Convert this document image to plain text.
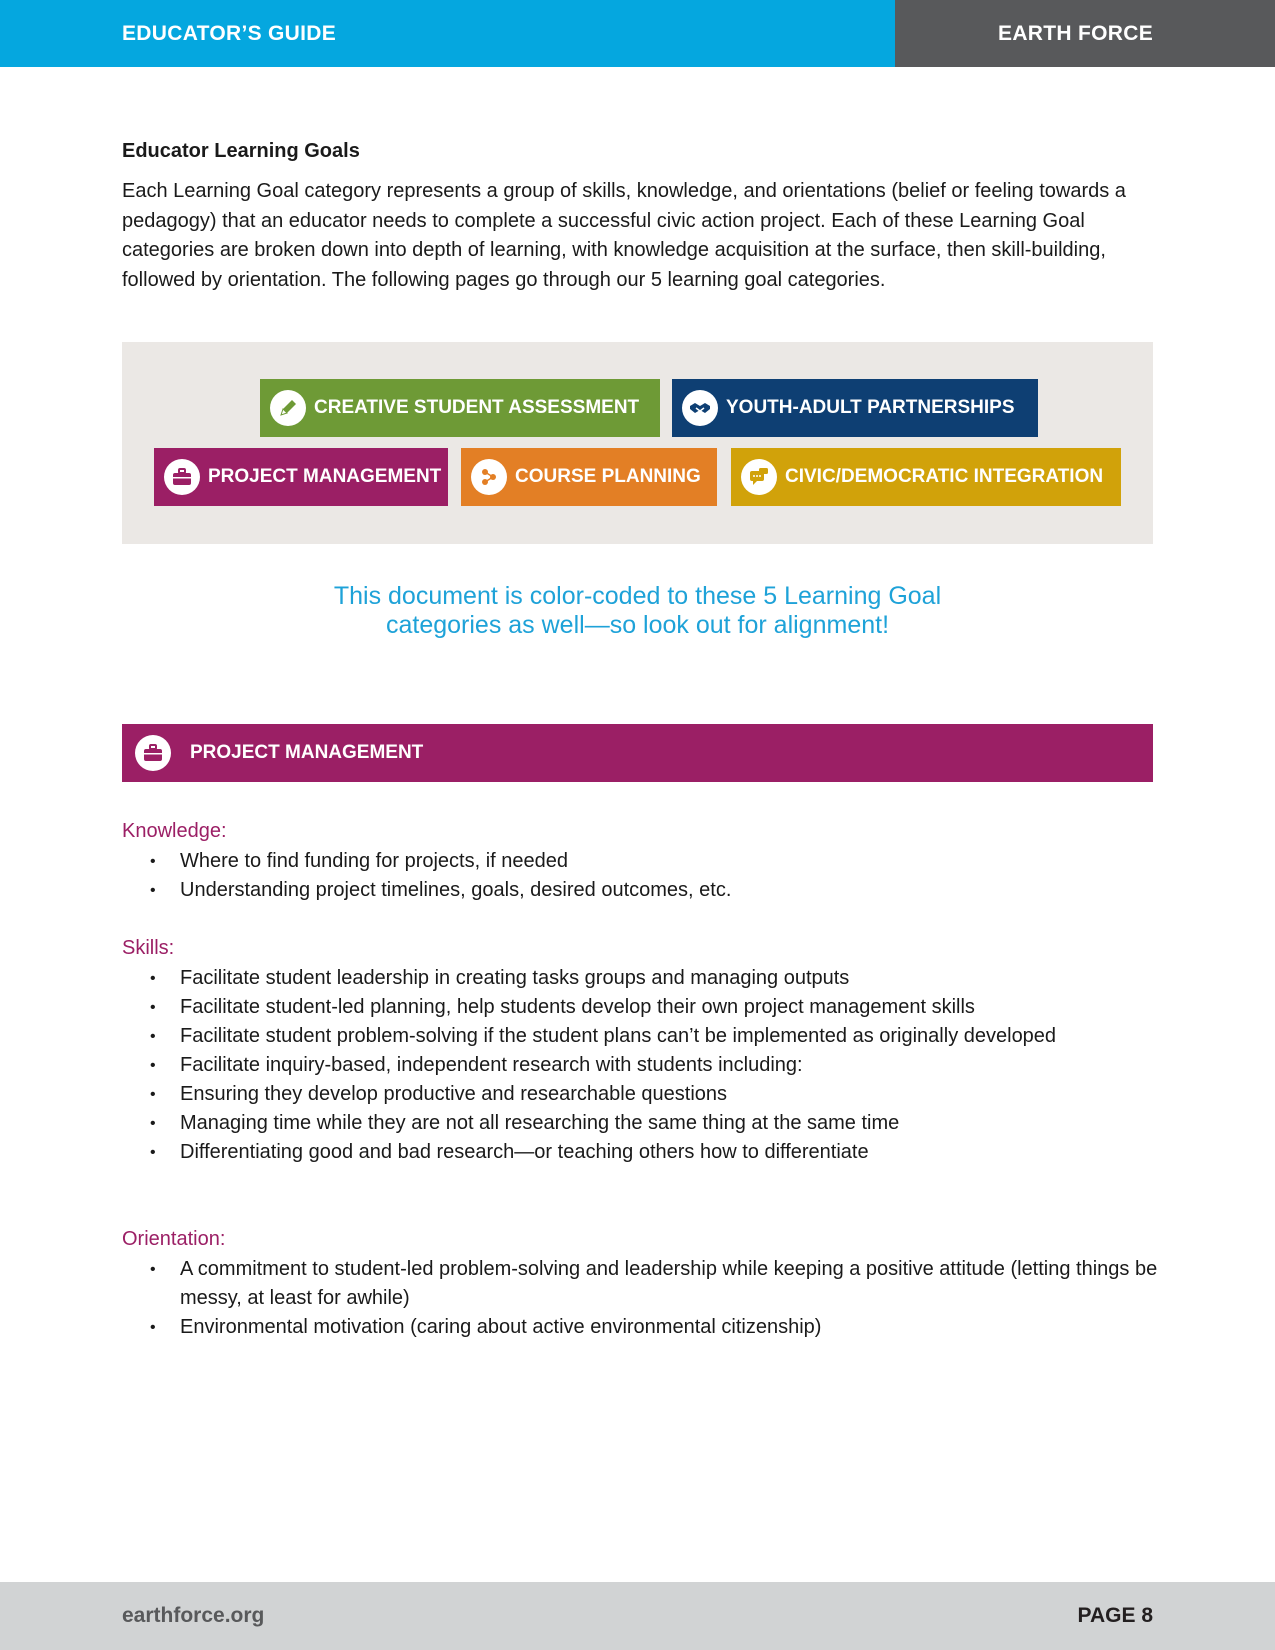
EDUCATOR’S GUIDE	EARTH FORCE
Educator Learning Goals
Each Learning Goal category represents a group of skills, knowledge, and orientations (belief or feeling towards a pedagogy) that an educator needs to complete a successful civic action project. Each of these Learning Goal categories are broken down into depth of learning, with knowledge acquisition at the surface, then skill-building, followed by orientation. The following pages go through our 5 learning goal categories.
CREATIVE STUDENT ASSESSMENT	YOUTH-ADULT PARTNERSHIPS
PROJECT MANAGEMENT	COURSE PLANNING	CIVIC/DEMOCRATIC INTEGRATION
This document is color-coded to these 5 Learning Goal
categories as well—so look out for alignment!
PROJECT MANAGEMENT
Knowledge:
• Where to find funding for projects, if needed
• Understanding project timelines, goals, desired outcomes, etc.
Skills:
• Facilitate student leadership in creating tasks groups and managing outputs
• Facilitate student-led planning, help students develop their own project management skills
• Facilitate student problem-solving if the student plans can’t be implemented as originally developed
• Facilitate inquiry-based, independent research with students including:
• Ensuring they develop productive and researchable questions
• Managing time while they are not all researching the same thing at the same time
• Differentiating good and bad research—or teaching others how to differentiate
Orientation:
• A commitment to student-led problem-solving and leadership while keeping a positive attitude (letting things be messy, at least for awhile)
• Environmental motivation (caring about active environmental citizenship)
earthforce.org	PAGE 8
